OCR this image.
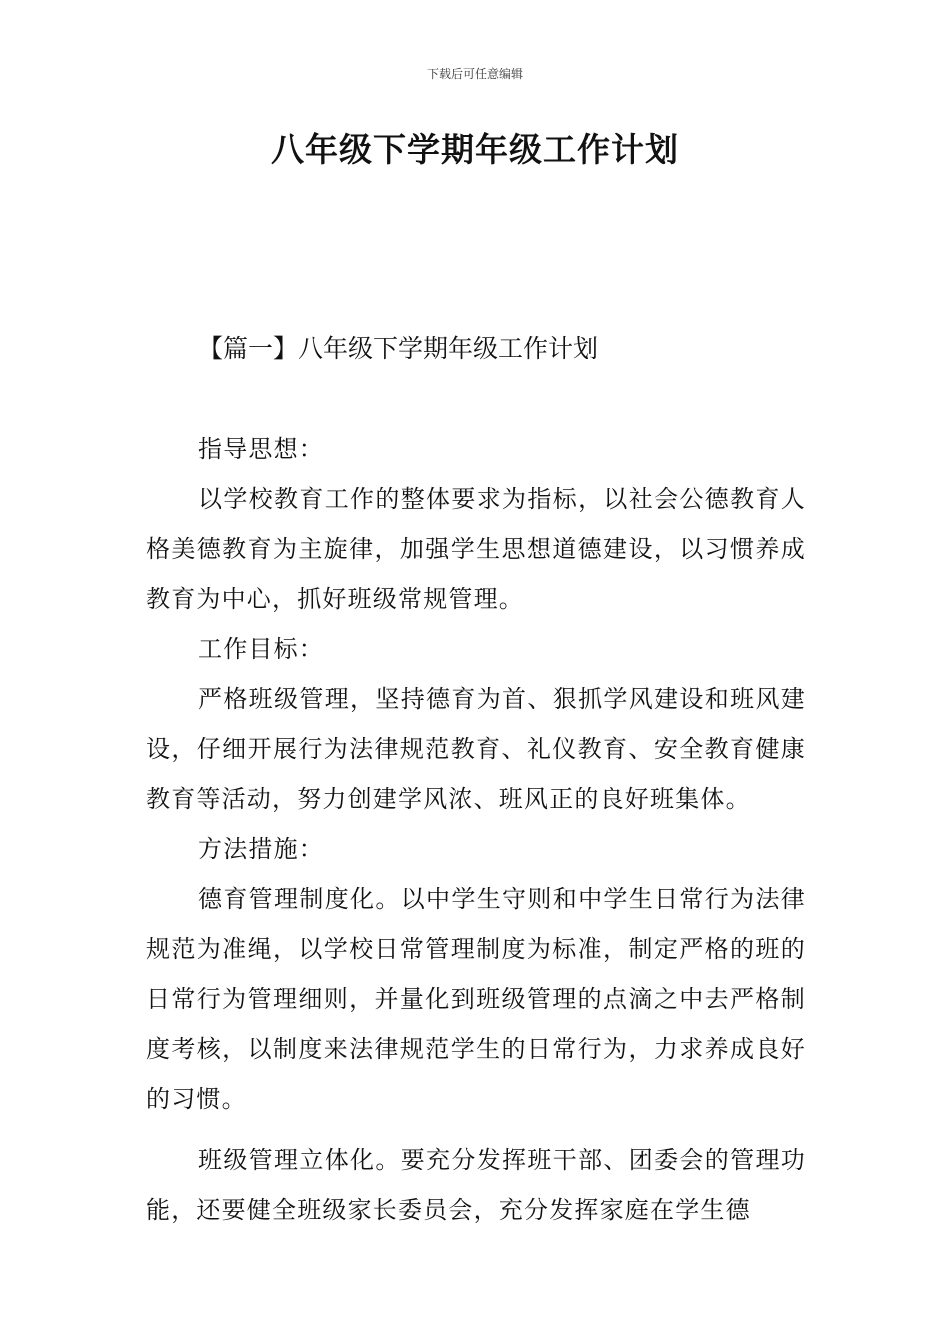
下载后可任意编辑
八年级下学期年级工作计划
【篇一】八年级下学期年级工作计划

指导思想：

以学校教育工作的整体要求为指标，以社会公德教育人格美德教育为主旋律，加强学生思想道德建设，以习惯养成教育为中心，抓好班级常规管理。

工作目标：

严格班级管理，坚持德育为首、狠抓学风建设和班风建设，仔细开展行为法律规范教育、礼仪教育、安全教育健康教育等活动，努力创建学风浓、班风正的良好班集体。

方法措施：

德育管理制度化。以中学生守则和中学生日常行为法律规范为准绳，以学校日常管理制度为标准，制定严格的班的日常行为管理细则，并量化到班级管理的点滴之中去严格制度考核，以制度来法律规范学生的日常行为，力求养成良好的习惯。

班级管理立体化。要充分发挥班干部、团委会的管理功能，还要健全班级家长委员会，充分发挥家庭在学生德
